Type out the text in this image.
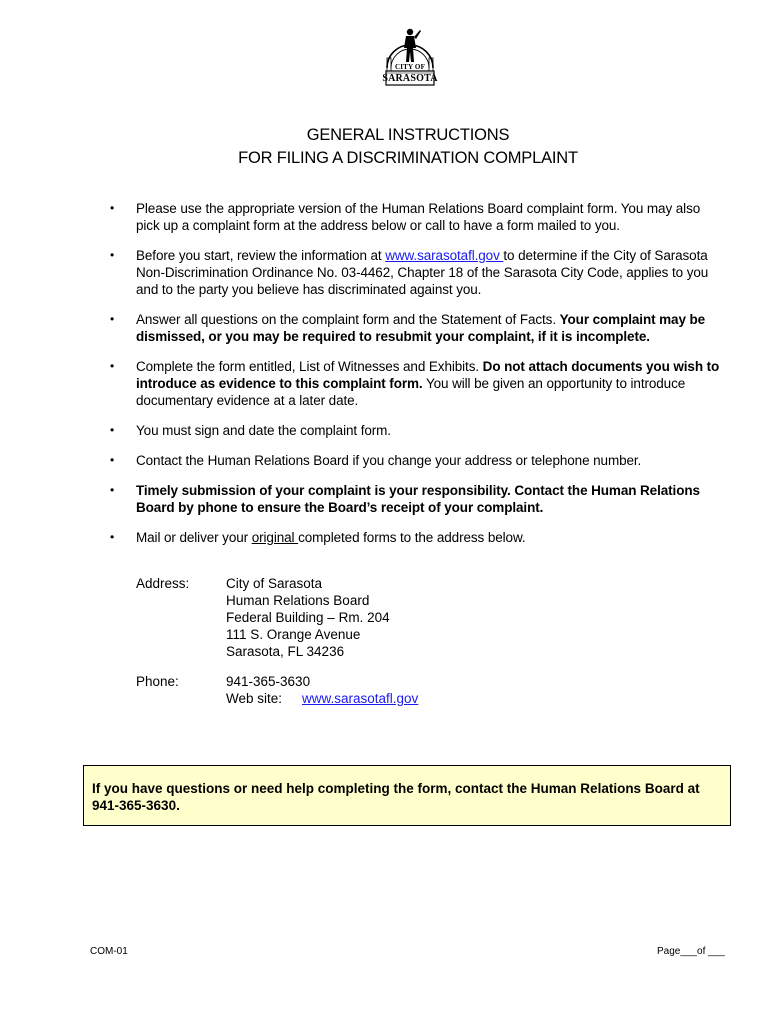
CITY OF
SARASOTA
GENERAL INSTRUCTIONS
FOR FILING A DISCRIMINATION COMPLAINT
• Please use the appropriate version of the Human Relations Board complaint form. You may also pick up a complaint form at the address below or call to have a form mailed to you.
• Before you start, review the information at www.sarasotafl.gov to determine if the City of Sarasota Non-Discrimination Ordinance No. 03-4462, Chapter 18 of the Sarasota City Code, applies to you and to the party you believe has discriminated against you.
• Answer all questions on the complaint form and the Statement of Facts. Your complaint may be dismissed, or you may be required to resubmit your complaint, if it is incomplete.
• Complete the form entitled, List of Witnesses and Exhibits. Do not attach documents you wish to introduce as evidence to this complaint form. You will be given an opportunity to introduce documentary evidence at a later date.
• You must sign and date the complaint form.
• Contact the Human Relations Board if you change your address or telephone number.
• Timely submission of your complaint is your responsibility. Contact the Human Relations Board by phone to ensure the Board’s receipt of your complaint.
• Mail or deliver your original completed forms to the address below.
Address:	City of Sarasota
Human Relations Board
Federal Building – Rm. 204
111 S. Orange Avenue
Sarasota, FL 34236
Phone:	941-365-3630
Web site: www.sarasotafl.gov
If you have questions or need help completing the form, contact the Human Relations Board at 941-365-3630.
COM-01	Page___of ___
